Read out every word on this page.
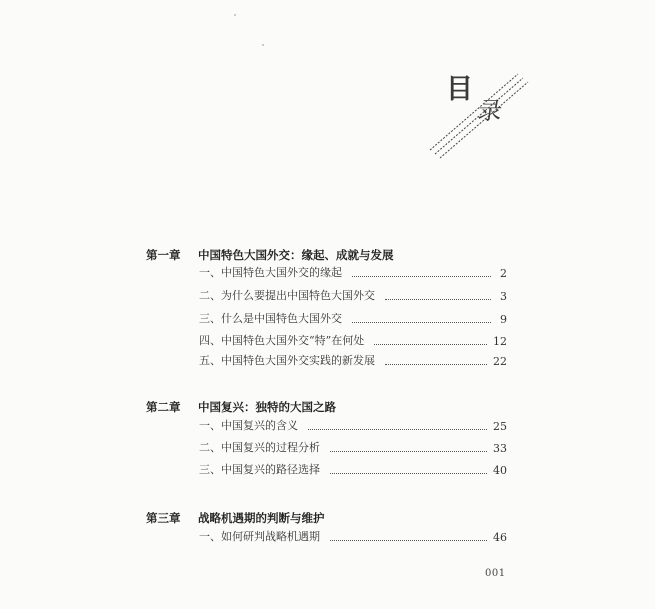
目
录
第一章 中国特色大国外交：缘起、成就与发展
一、中国特色大国外交的缘起	2
二、为什么要提出中国特色大国外交	3
三、什么是中国特色大国外交	9
四、中国特色大国外交“特”在何处	12
五、中国特色大国外交实践的新发展	22
第二章 中国复兴：独特的大国之路
一、中国复兴的含义	25
二、中国复兴的过程分析	33
三、中国复兴的路径选择	40
第三章 战略机遇期的判断与维护
一、如何研判战略机遇期	46
001
